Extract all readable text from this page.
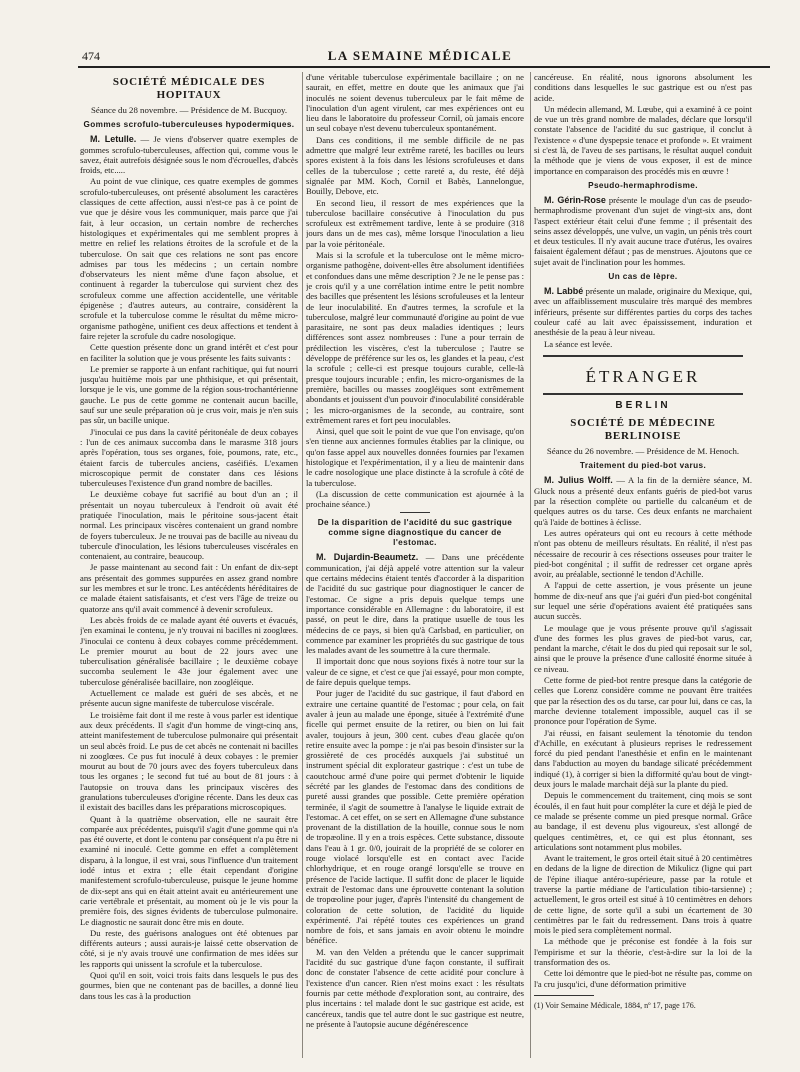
474	LA SEMAINE MÉDICALE
SOCIÉTÉ MÉDICALE DES HOPITAUX
Séance du 28 novembre. — Présidence de M. Bucquoy.
Gommes scrofulo-tuberculeuses hypodermiques.

M. Letulle. — Je viens d'observer quatre exemples de gommes scrofulo-tuberculeuses, affection qui, comme vous le savez, était autrefois désignée sous le nom d'écrouelles, d'abcès froids, etc.....

Au point de vue clinique, ces quatre exemples de gommes scrofulo-tuberculeuses, ont présenté absolument les caractères classiques de cette affection, aussi n'est-ce pas à ce point de vue que je désire vous les communiquer, mais parce que j'ai fait, à leur occasion, un certain nombre de recherches histologiques et expérimentales qui me semblent propres à mettre en relief les relations étroites de la scrofule et de la tuberculose. On sait que ces relations ne sont pas encore admises par tous les médecins ; un certain nombre d'observateurs les nient même d'une façon absolue, et continuent à regarder la tuberculose qui survient chez des scrofuleux comme une affection accidentelle, une véritable épigenèse ; d'autres auteurs, au contraire, considèrent la scrofule et la tuberculose comme le résultat du même micro-organisme pathogène, unifient ces deux affections et tendent à faire rejeter la scrofule du cadre nosologique.

Cette question présente donc un grand intérêt et c'est pour en faciliter la solution que je vous présente les faits suivants :

Le premier se rapporte à un enfant rachitique, qui fut nourri jusqu'au huitième mois par une phthisique, et qui présentait, lorsque je le vis, une gomme de la région sous-trochantérienne gauche. Le pus de cette gomme ne contenait aucun bacille, sauf sur une seule préparation où je crus voir, mais je n'en suis pas sûr, un bacille unique.

J'inoculai ce pus dans la cavité péritonéale de deux cobayes : l'un de ces animaux succomba dans le marasme 318 jours après l'opération, tous ses organes, foie, poumons, rate, etc., étaient farcis de tubercules anciens, caséifiés. L'examen microscopique permit de constater dans ces lésions tuberculeuses l'existence d'un grand nombre de bacilles.

Le deuxième cobaye fut sacrifié au bout d'un an ; il présentait un noyau tuberculeux à l'endroit où avait été pratiquée l'inoculation, mais le péritoine sous-jacent était normal. Les principaux viscères contenaient un grand nombre de foyers tuberculeux. Je ne trouvai pas de bacille au niveau du tubercule d'inoculation, les lésions tuberculeuses viscérales en contenaient, au contraire, beaucoup.

Je passe maintenant au second fait : Un enfant de dix-sept ans présentait des gommes suppurées en assez grand nombre sur les membres et sur le tronc. Les antécédents héréditaires de ce malade étaient satisfaisants, et c'est vers l'âge de treize ou quatorze ans qu'il avait commencé à devenir scrofuleux.

Les abcès froids de ce malade ayant été ouverts et évacués, j'en examinai le contenu, je n'y trouvai ni bacilles ni zooglœes. J'inoculai ce contenu à deux cobayes comme précédemment. Le premier mourut au bout de 22 jours avec une tuberculisation généralisée bacillaire ; le deuxième cobaye succomba seulement le 43e jour également avec une tuberculose généralisée bacillaire, non zoogléique.

Actuellement ce malade est guéri de ses abcès, et ne présente aucun signe manifeste de tuberculose viscérale.

Le troisième fait dont il me reste à vous parler est identique aux deux précédents. Il s'agit d'un homme de vingt-cinq ans, atteint manifestement de tuberculose pulmonaire qui présentait un seul abcès froid. Le pus de cet abcès ne contenait ni bacilles ni zooglœes. Ce pus fut inoculé à deux cobayes : le premier mourut au bout de 70 jours avec des foyers tuberculeux dans tous les organes ; le second fut tué au bout de 81 jours : à l'autopsie on trouva dans les principaux viscères des granulations tuberculeuses d'origine récente. Dans les deux cas il existait des bacilles dans les préparations microscopiques.

Quant à la quatrième observation, elle ne saurait être comparée aux précédentes, puisqu'il s'agit d'une gomme qui n'a pas été ouverte, et dont le contenu par conséquent n'a pu être ni examiné ni inoculé. Cette gomme en effet a complètement disparu, à la longue, il est vrai, sous l'influence d'un traitement iodé intus et extra ; elle était cependant d'origine manifestement scrofulo-tuberculeuse, puisque le jeune homme de dix-sept ans qui en était atteint avait eu antérieurement une carie vertébrale et présentait, au moment où je le vis pour la première fois, des signes évidents de tuberculose pulmonaire. Le diagnostic ne saurait donc être mis en doute.

Du reste, des guérisons analogues ont été obtenues par différents auteurs ; aussi aurais-je laissé cette observation de côté, si je n'y avais trouvé une confirmation de mes idées sur les rapports qui unissent la scrofule et la tuberculose.

Quoi qu'il en soit, voici trois faits dans lesquels le pus des gourmes, bien que ne contenant pas de bacilles, a donné lieu dans tous les cas à la production

d'une véritable tuberculose expérimentale bacillaire ; on ne saurait, en effet, mettre en doute que les animaux que j'ai inoculés ne soient devenus tuberculeux par le fait même de l'inoculation d'un agent virulent, car mes expériences ont eu lieu dans le laboratoire du professeur Cornil, où jamais encore un seul cobaye n'est devenu tuberculeux spontanément.

Dans ces conditions, il me semble difficile de ne pas admettre que malgré leur extrême rareté, les bacilles ou leurs spores existent à la fois dans les lésions scrofuleuses et dans celles de la tuberculose ; cette rareté a, du reste, été déjà signalée par MM. Koch, Cornil et Babès, Lannelongue, Bouilly, Debove, etc.

En second lieu, il ressort de mes expériences que la tuberculose bacillaire consécutive à l'inoculation du pus scrofuleux est extrêmement tardive, lente à se produire (318 jours dans un de mes cas), même lorsque l'inoculation a lieu par la voie péritonéale.

Mais si la scrofule et la tuberculose ont le même micro-organisme pathogène, doivent-elles être absolument identifiées et confondues dans une même description ? Je ne le pense pas : je crois qu'il y a une corrélation intime entre le petit nombre des bacilles que présentent les lésions scrofuleuses et la lenteur de leur inoculabilité. En d'autres termes, la scrofule et la tuberculose, malgré leur communauté d'origine au point de vue parasitaire, ne sont pas deux maladies identiques ; leurs différences sont assez nombreuses : l'une a pour terrain de prédilection les viscères, c'est la tuberculose ; l'autre se développe de préférence sur les os, les glandes et la peau, c'est la scrofule ; celle-ci est presque toujours curable, celle-là presque toujours incurable ; enfin, les micro-organismes de la première, bacilles ou masses zoogléiques sont extrêmement abondants et jouissent d'un pouvoir d'inoculabilité considérable ; les micro-organismes de la seconde, au contraire, sont extrêmement rares et fort peu inoculables.

Ainsi, quel que soit le point de vue que l'on envisage, qu'on s'en tienne aux anciennes formules établies par la clinique, ou qu'on fasse appel aux nouvelles données fournies par l'examen histologique et l'expérimentation, il y a lieu de maintenir dans le cadre nosologique une place distincte à la scrofule à côté de la tuberculose.

(La discussion de cette communication est ajournée à la prochaine séance.)

De la disparition de l'acidité du suc gastrique comme signe diagnostique du cancer de l'estomac.

M. Dujardin-Beaumetz. — Dans une précédente communication, j'ai déjà appelé votre attention sur la valeur que certains médecins étaient tentés d'accorder à la disparition de l'acidité du suc gastrique pour diagnostiquer le cancer de l'estomac. Ce signe a pris depuis quelque temps une importance considérable en Allemagne : du laboratoire, il est passé, on peut le dire, dans la pratique usuelle de tous les médecins de ce pays, si bien qu'à Carlsbad, en particulier, on commence par examiner les propriétés du suc gastrique de tous les malades avant de les soumettre à la cure thermale.

Il importait donc que nous soyions fixés à notre tour sur la valeur de ce signe, et c'est ce que j'ai essayé, pour mon compte, de faire depuis quelque temps.

Pour juger de l'acidité du suc gastrique, il faut d'abord en extraire une certaine quantité de l'estomac ; pour cela, on fait avaler à jeun au malade une éponge, située à l'extrémité d'une ficelle qui permet ensuite de la retirer, ou bien on lui fait avaler, toujours à jeun, 300 cent. cubes d'eau glacée qu'on retire ensuite avec la pompe : je n'ai pas besoin d'insister sur la grossièreté de ces procédés auxquels j'ai substitué un instrument spécial dit explorateur gastrique : c'est un tube de caoutchouc armé d'une poire qui permet d'obtenir le liquide sécrété par les glandes de l'estomac dans des conditions de pureté aussi grandes que possible. Cette première opération terminée, il s'agit de soumettre à l'analyse le liquide extrait de l'estomac. A cet effet, on se sert en Allemagne d'une substance provenant de la distillation de la houille, connue sous le nom de tropæoline. Il y en a trois espèces. Cette substance, dissoute dans l'eau à 1 gr. 0/0, jouirait de la propriété de se colorer en rouge violacé lorsqu'elle est en contact avec l'acide chlorhydrique, et en rouge orangé lorsqu'elle se trouve en présence de l'acide lactique. Il suffit donc de placer le liquide extrait de l'estomac dans une éprouvette contenant la solution de tropœoline pour juger, d'après l'intensité du changement de coloration de cette solution, de l'acidité du liquide expérimenté. J'ai répété toutes ces expériences un grand nombre de fois, et sans jamais en avoir obtenu le moindre bénéfice.

M. van den Velden a prétendu que le cancer supprimait l'acidité du suc gastrique d'une façon constante, il suffirait donc de constater l'absence de cette acidité pour conclure à l'existence d'un cancer. Rien n'est moins exact : les résultats fournis par cette méthode d'exploration sont, au contraire, des plus incertains : tel malade dont le suc gastrique est acide, est cancéreux, tandis que tel autre dont le suc gastrique est neutre, ne présente à l'autopsie aucune dégénérescence

cancéreuse. En réalité, nous ignorons absolument les conditions dans lesquelles le suc gastrique est ou n'est pas acide.

Un médecin allemand, M. Lœube, qui a examiné à ce point de vue un très grand nombre de malades, déclare que lorsqu'il constate l'absence de l'acidité du suc gastrique, il conclut à l'existence « d'une dyspepsie tenace et profonde ». Et vraiment si c'est là, de l'aveu de ses partisans, le résultat auquel conduit la méthode que je viens de vous exposer, il est de mince importance en comparaison des procédés mis en œuvre !

Pseudo-hermaphrodisme.

M. Gérin-Rose présente le moulage d'un cas de pseudo-hermaphrodisme provenant d'un sujet de vingt-six ans, dont l'aspect extérieur était celui d'une femme ; il présentait des seins assez développés, une vulve, un vagin, un pénis très court et deux testicules. Il n'y avait aucune trace d'utérus, les ovaires faisaient également défaut ; pas de menstrues. Ajoutons que ce sujet avait de l'inclination pour les hommes.

Un cas de lèpre.

M. Labbé présente un malade, originaire du Mexique, qui, avec un affaiblissement musculaire très marqué des membres inférieurs, présente sur différentes parties du corps des taches couleur café au lait avec épaississement, induration et anesthésie de la peau à leur niveau.

La séance est levée.

ÉTRANGER
BERLIN
SOCIÉTÉ DE MÉDECINE BERLINOISE
Séance du 26 novembre. — Présidence de M. Henoch.
Traitement du pied-bot varus.

M. Julius Wolff. — A la fin de la dernière séance, M. Gluck nous a présenté deux enfants guéris de pied-bot varus par la résection complète ou partielle du calcanéum et de quelques autres os du tarse. Ces deux enfants ne marchaient qu'à l'aide de bottines à éclisse.

Les autres opérateurs qui ont eu recours à cette méthode n'ont pas obtenu de meilleurs résultats. En réalité, il n'est pas nécessaire de recourir à ces résections osseuses pour traiter le pied-bot congénital ; il suffit de redresser cet organe après avoir, au préalable, sectionné le tendon d'Achille.

A l'appui de cette assertion, je vous présente un jeune homme de dix-neuf ans que j'ai guéri d'un pied-bot congénital sur lequel une série d'opérations avaient été pratiquées sans aucun succès.

Le moulage que je vous présente prouve qu'il s'agissait d'une des formes les plus graves de pied-bot varus, car, pendant la marche, c'était le dos du pied qui reposait sur le sol, ainsi que le prouve la présence d'une callosité énorme située à ce niveau.

Cette forme de pied-bot rentre presque dans la catégorie de celles que Lorenz considère comme ne pouvant être traitées que par la résection des os du tarse, car pour lui, dans ce cas, la marche devienne totalement impossible, auquel cas il se prononce pour l'opération de Syme.

J'ai réussi, en faisant seulement la ténotomie du tendon d'Achille, en exécutant à plusieurs reprises le redressement forcé du pied pendant l'anesthésie et enfin en le maintenant dans l'abduction au moyen du bandage silicaté précédemment indiqué (1), à corriger si bien la difformité qu'au bout de vingt-deux jours le malade marchait déjà sur la plante du pied.

Depuis le commencement du traitement, cinq mois se sont écoulés, il en faut huit pour compléter la cure et déjà le pied de ce malade se présente comme un pied presque normal. Grâce au bandage, il est devenu plus vigoureux, s'est allongé de quelques centimètres, et, ce qui est plus étonnant, ses articulations sont notamment plus mobiles.

Avant le traitement, le gros orteil était situé à 20 centimètres en dedans de la ligne de direction de Mikulicz (ligne qui part de l'épine iliaque antéro-supérieure, passe par la rotule et traverse la partie médiane de l'articulation tibio-tarsienne) ; actuellement, le gros orteil est situé à 10 centimètres en dehors de cette ligne, de sorte qu'il a subi un écartement de 30 centimètres par le fait du redressement. Dans trois à quatre mois le pied sera complètement normal.

La méthode que je préconise est fondée à la fois sur l'empirisme et sur la théorie, c'est-à-dire sur la loi de la transformation des os.

Cette loi démontre que le pied-bot ne résulte pas, comme on l'a cru jusqu'ici, d'une déformation primitive

(1) Voir Semaine Médicale, 1884, nº 17, page 176.
